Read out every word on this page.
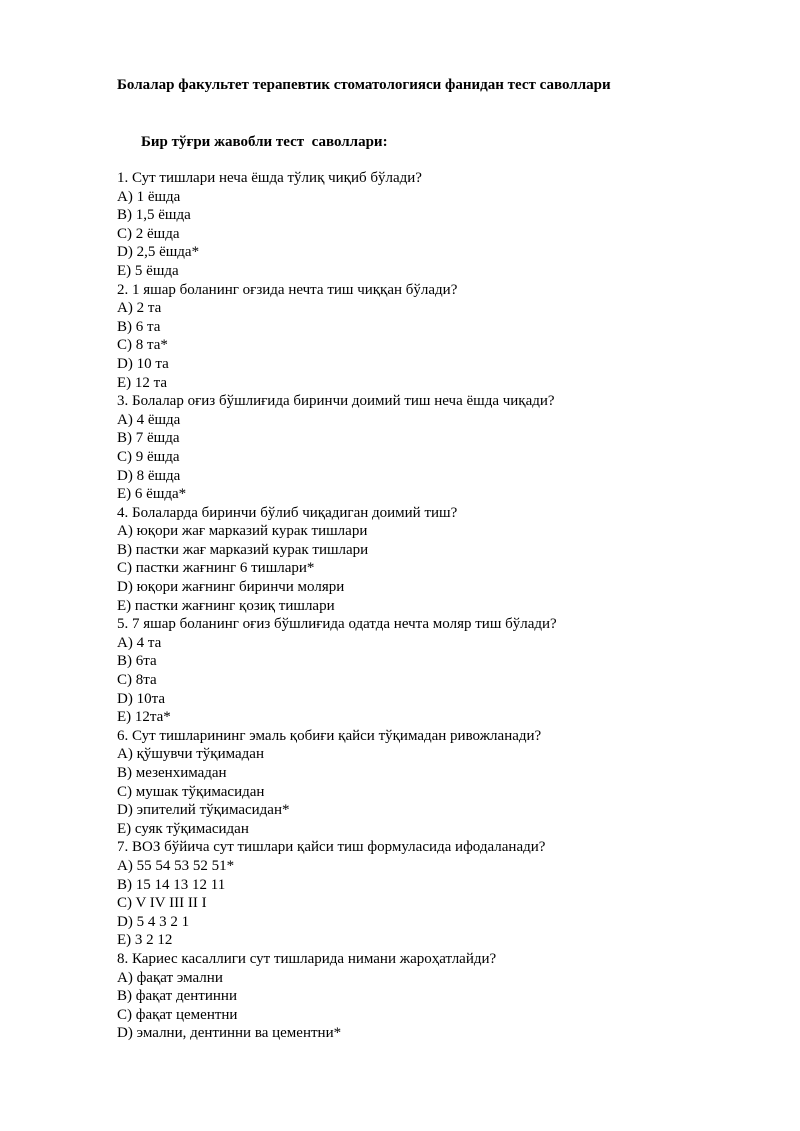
Болалар факультет терапевтик стоматологияси фанидан тест саволлари
Бир тўғри жавобли тест  саволлари:
1. Сут тишлари неча ёшда тўлиқ чиқиб бўлади?
A) 1 ёшда
B) 1,5 ёшда
C) 2 ёшда
D) 2,5 ёшда*
E) 5 ёшда
2. 1 яшар боланинг оғзида нечта тиш чиққан бўлади?
A) 2 та
B) 6 та
C) 8 та*
D) 10 та
E) 12 та
3. Болалар оғиз бўшлиғида биринчи доимий тиш неча ёшда чиқади?
A) 4 ёшда
B) 7 ёшда
C) 9 ёшда
D) 8 ёшда
E) 6 ёшда*
4. Болаларда биринчи бўлиб чиқадиган доимий тиш?
A) юқори жағ марказий курак тишлари
B) пастки жағ марказий курак тишлари
C) пастки жағнинг 6 тишлари*
D) юқори жағнинг биринчи моляри
E) пастки жағнинг қозиқ тишлари
5. 7 яшар боланинг оғиз бўшлиғида одатда нечта моляр тиш бўлади?
A) 4 та
B) 6та
C) 8та
D) 10та
E) 12та*
6. Сут тишларининг эмаль қобиғи қайси тўқимадан ривожланади?
A) қўшувчи тўқимадан
B) мезенхимадан
C) мушак тўқимасидан
D) эпителий тўқимасидан*
E) суяк тўқимасидан
7. ВОЗ бўйича сут тишлари қайси тиш формуласида ифодаланади?
A) 55 54 53 52 51*
B) 15 14 13 12 11
C) V IV III II I
D) 5 4 3 2 1
E) 3 2 12
8. Кариес касаллиги сут тишларида нимани жароҳатлайди?
A) фақат эмални
B) фақат дентинни
C) фақат цементни
D) эмални, дентинни ва цементни*
